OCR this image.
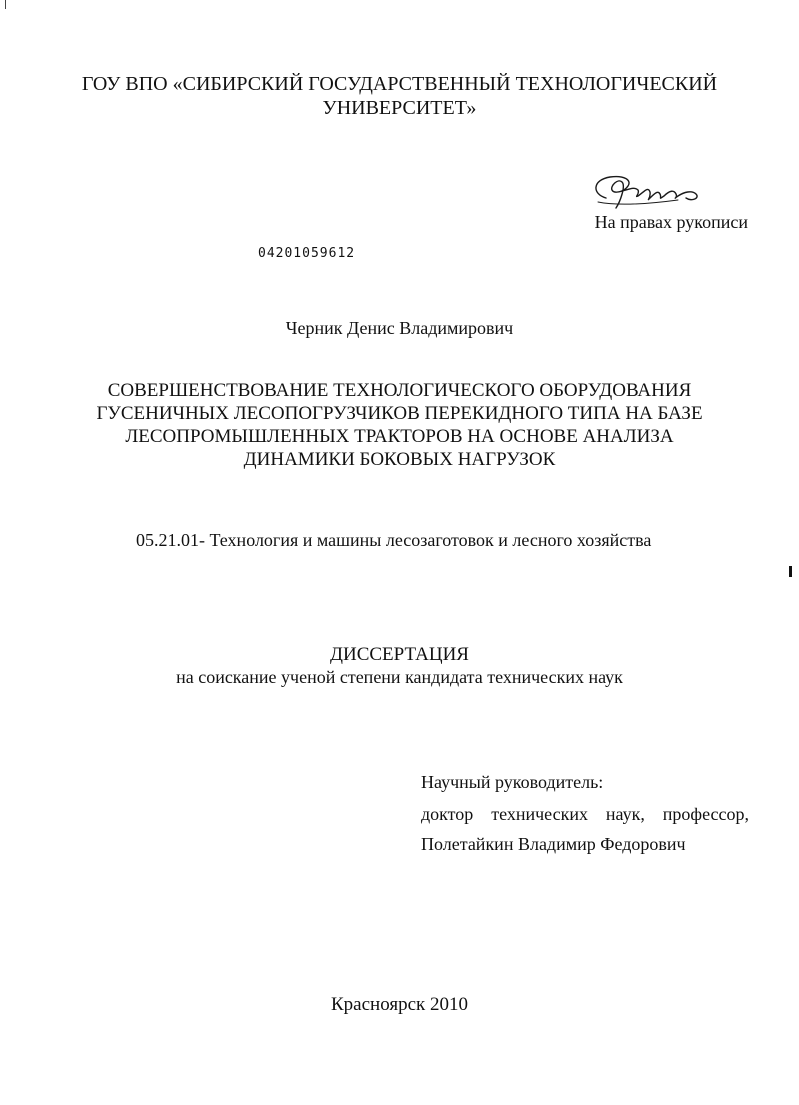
ГОУ ВПО «СИБИРСКИЙ ГОСУДАРСТВЕННЫЙ ТЕХНОЛОГИЧЕСКИЙ
УНИВЕРСИТЕТ»
На правах рукописи
04201059612
Черник Денис Владимирович
СОВЕРШЕНСТВОВАНИЕ ТЕХНОЛОГИЧЕСКОГО ОБОРУДОВАНИЯ
ГУСЕНИЧНЫХ ЛЕСОПОГРУЗЧИКОВ ПЕРЕКИДНОГО ТИПА НА БАЗЕ
ЛЕСОПРОМЫШЛЕННЫХ ТРАКТОРОВ НА ОСНОВЕ АНАЛИЗА
ДИНАМИКИ БОКОВЫХ НАГРУЗОК
05.21.01- Технология и машины лесозаготовок и лесного хозяйства
ДИССЕРТАЦИЯ
на соискание ученой степени кандидата технических наук
Научный руководитель:
доктор технических наук, профессор,
Полетайкин Владимир Федорович
Красноярск 2010
